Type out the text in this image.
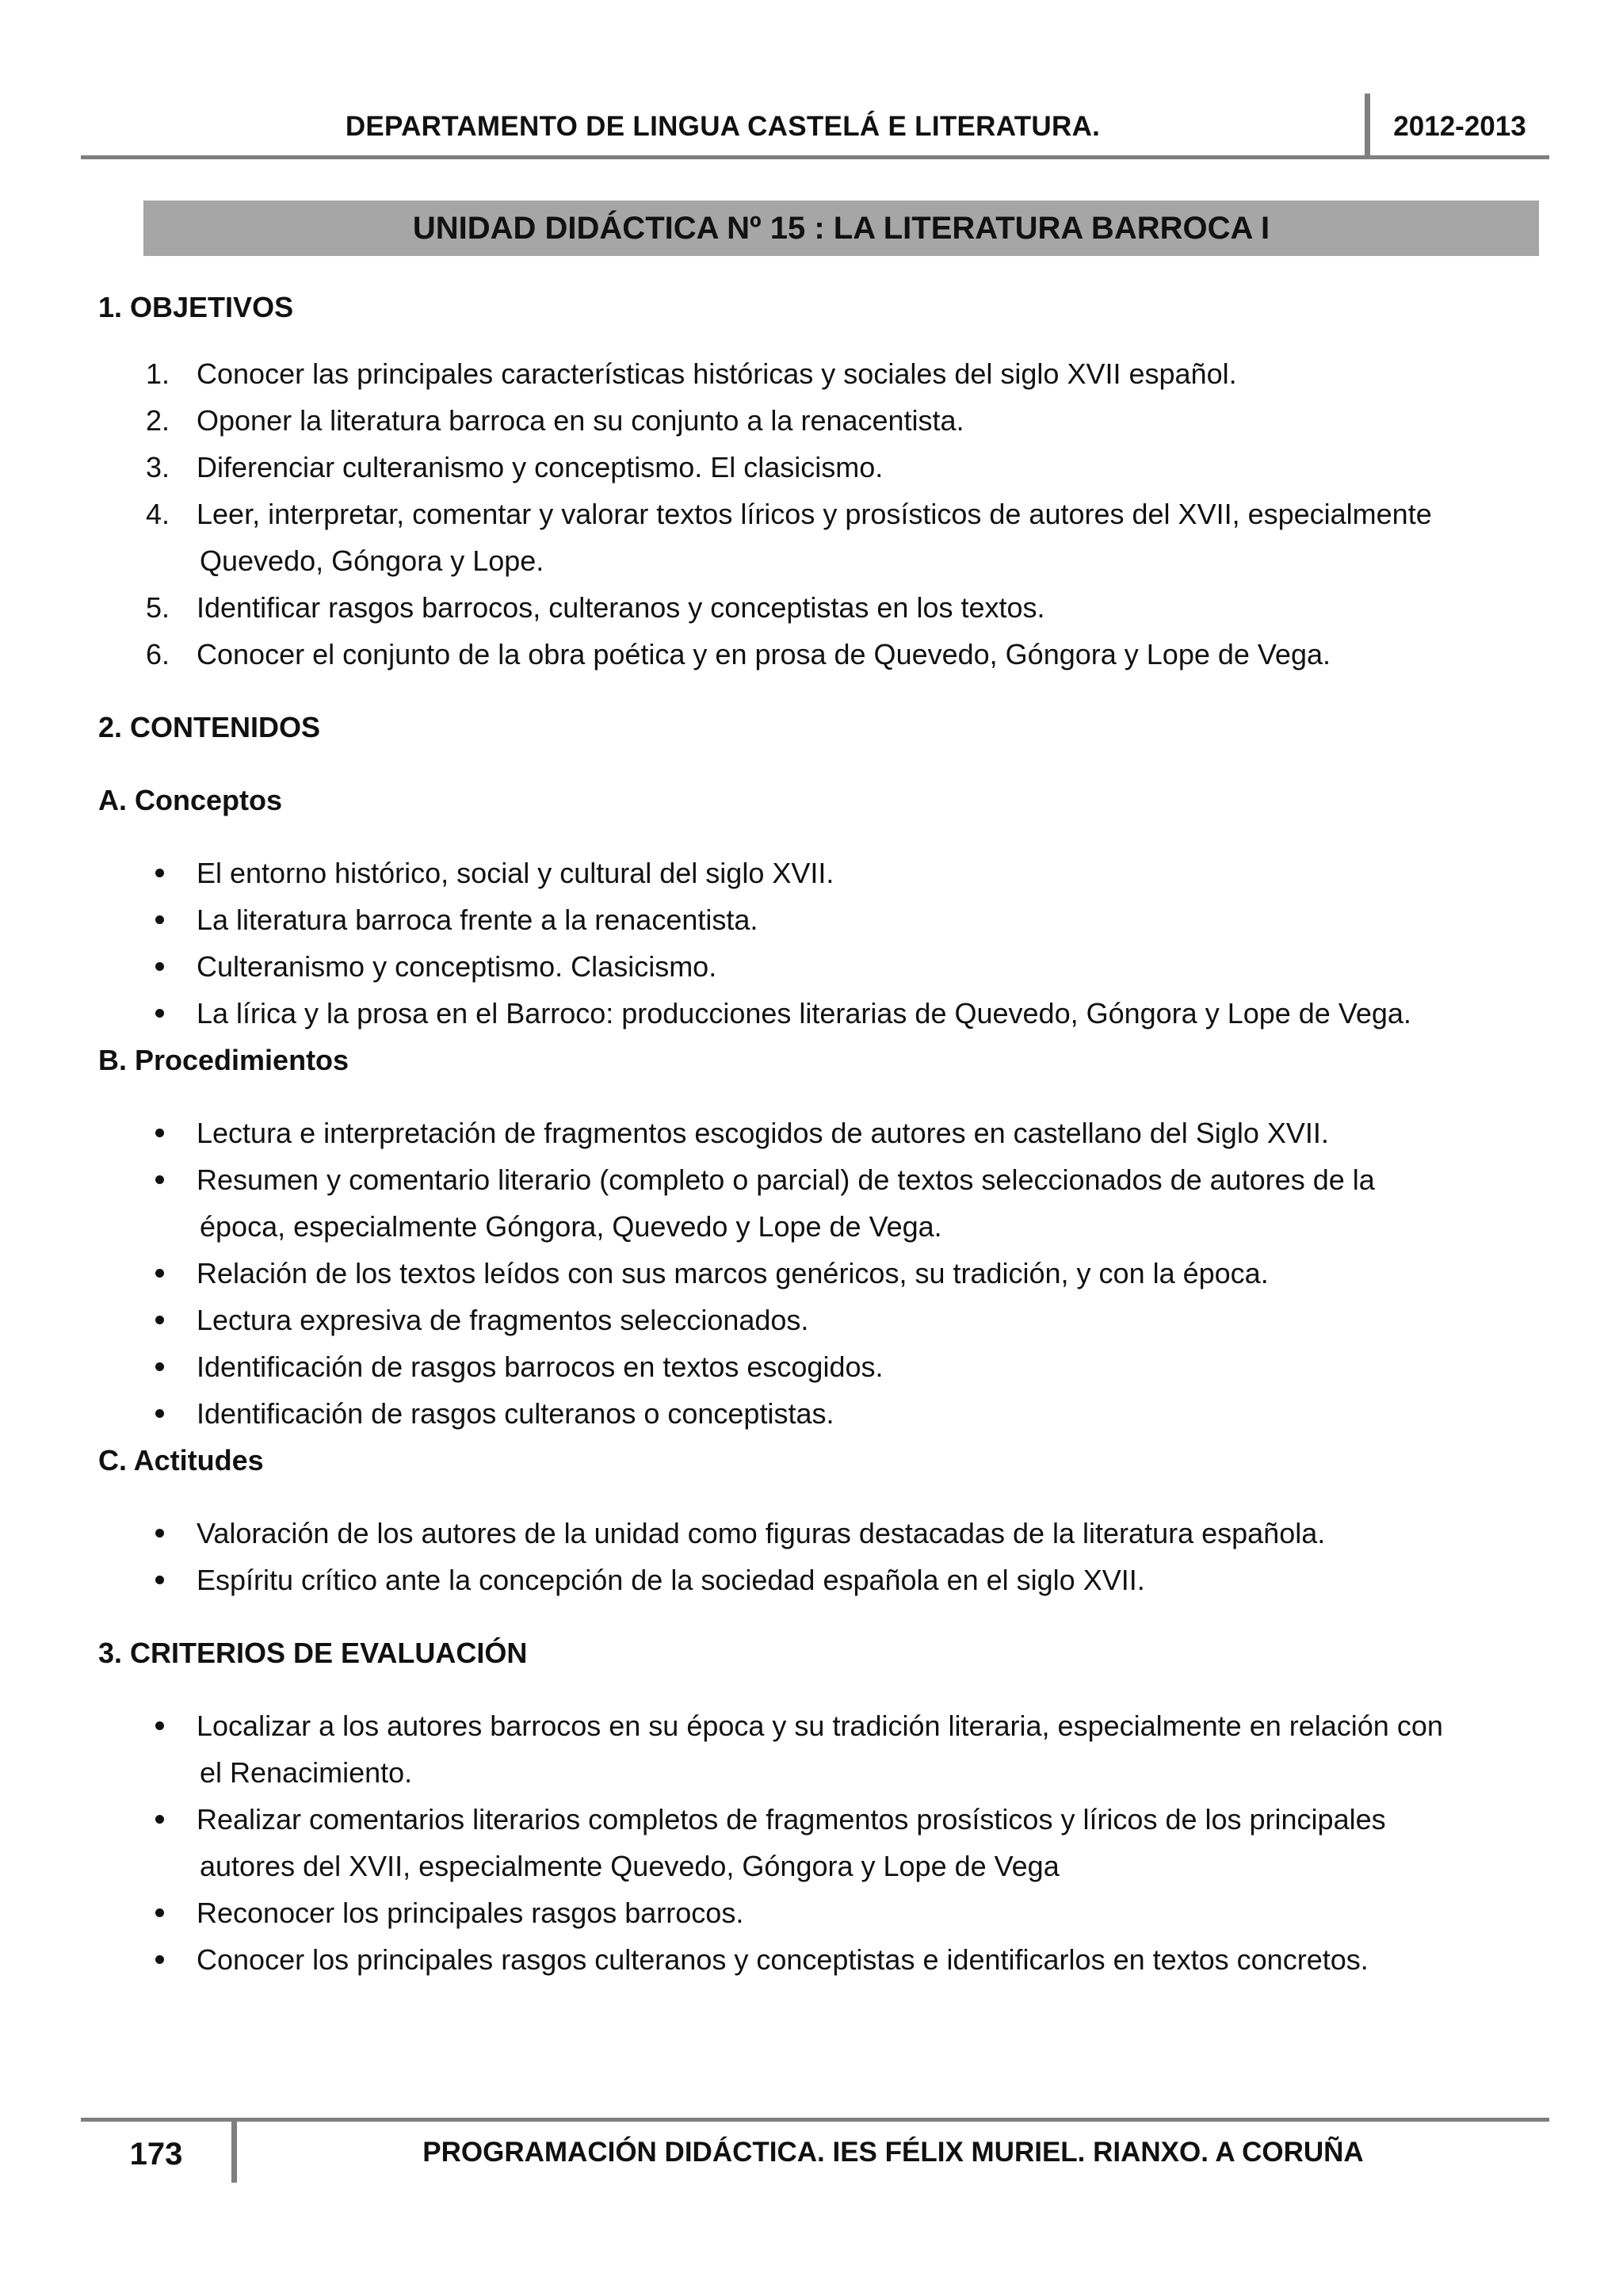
DEPARTAMENTO DE LINGUA CASTELÁ E LITERATURA.	2012-2013
UNIDAD DIDÁCTICA Nº 15 : LA LITERATURA BARROCA I
1. OBJETIVOS
1. Conocer las principales características históricas y sociales del siglo XVII español.
2. Oponer la literatura barroca en su conjunto a la renacentista.
3. Diferenciar culteranismo y conceptismo. El clasicismo.
4. Leer, interpretar, comentar y valorar textos líricos y prosísticos de autores del XVII, especialmente
Quevedo, Góngora y Lope.
5. Identificar rasgos barrocos, culteranos y conceptistas en los textos.
6. Conocer el conjunto de la obra poética y en prosa de Quevedo, Góngora y Lope de Vega.
2. CONTENIDOS
A. Conceptos
El entorno histórico, social y cultural del siglo XVII.
La literatura barroca frente a la renacentista.
Culteranismo y conceptismo. Clasicismo.
La lírica y la prosa en el Barroco: producciones literarias de Quevedo, Góngora y Lope de Vega.
B. Procedimientos
Lectura e interpretación de fragmentos escogidos de autores en castellano del Siglo XVII.
Resumen y comentario literario (completo o parcial) de textos seleccionados de autores de la
época, especialmente Góngora, Quevedo y Lope de Vega.
Relación de los textos leídos con sus marcos genéricos, su tradición, y con la época.
Lectura expresiva de fragmentos seleccionados.
Identificación de rasgos barrocos en textos escogidos.
Identificación de rasgos culteranos o conceptistas.
C. Actitudes
Valoración de los autores de la unidad como figuras destacadas de la literatura española.
Espíritu crítico ante la concepción de la sociedad española en el siglo XVII.
3. CRITERIOS DE EVALUACIÓN
Localizar a los autores barrocos en su época y su tradición literaria, especialmente en relación con
el Renacimiento.
Realizar comentarios literarios completos de fragmentos prosísticos y líricos de los principales
autores del XVII, especialmente Quevedo, Góngora y Lope de Vega
Reconocer los principales rasgos barrocos.
Conocer los principales rasgos culteranos y conceptistas e identificarlos en textos concretos.
173	PROGRAMACIÓN DIDÁCTICA. IES FÉLIX MURIEL. RIANXO. A CORUÑA
